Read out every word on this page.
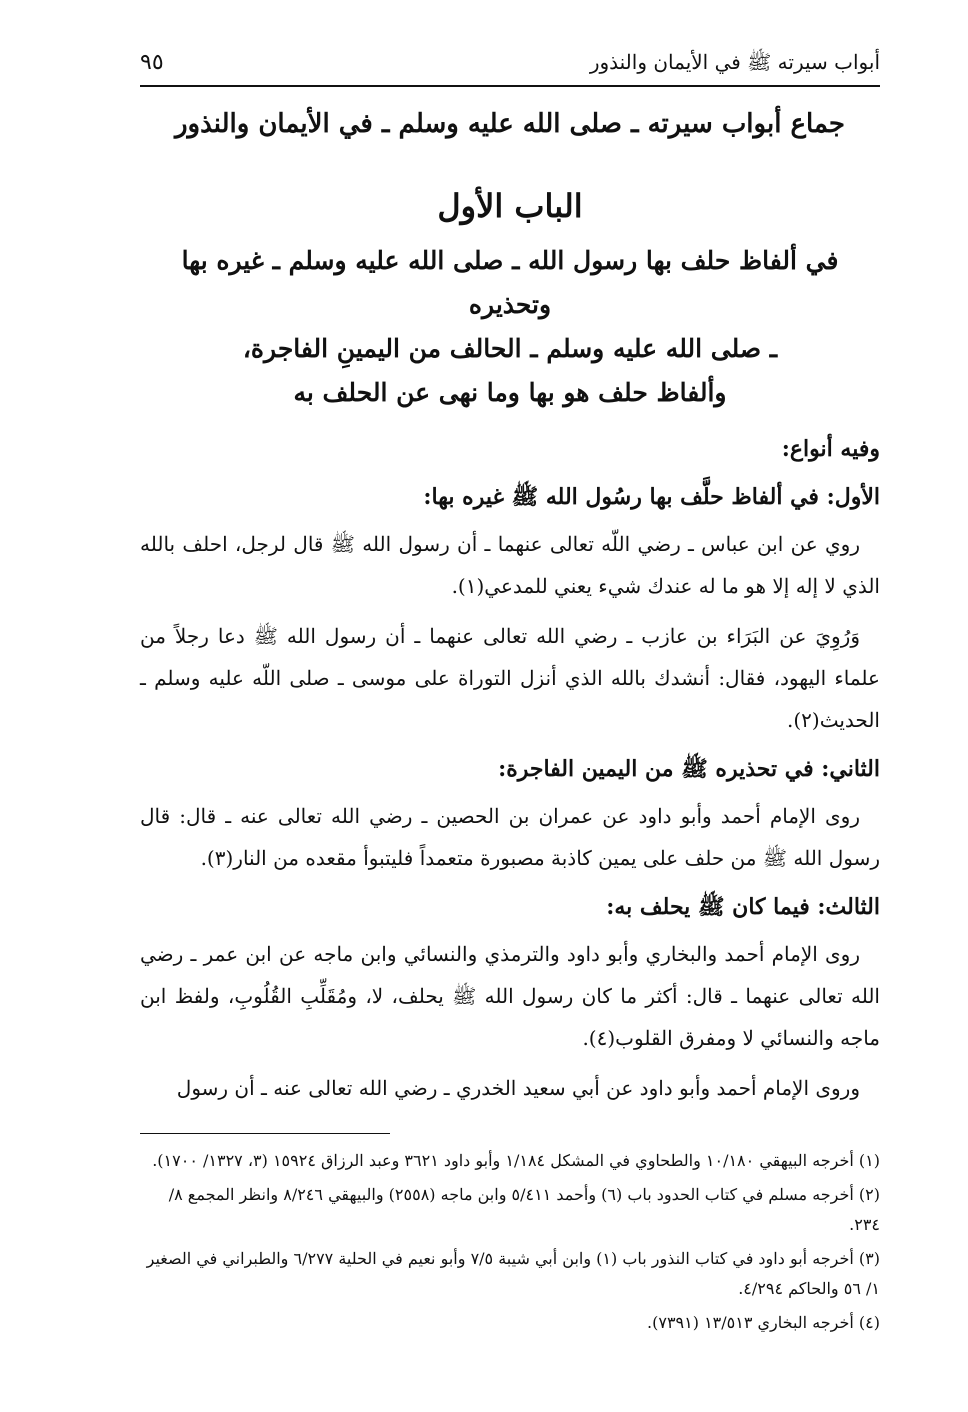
أبواب سيرته ﷺ في الأيمان والنذور
٩٥
جماع أبواب سيرته ـ صلى الله عليه وسلم ـ في الأيمان والنذور
الباب الأول
في ألفاظ حلف بها رسول الله ـ صلى الله عليه وسلم ـ غيره بها وتحذيره
ـ صلى الله عليه وسلم ـ الحالف من اليمينِ الفاجرة،
وألفاظ حلف هو بها وما نهى عن الحلف به
وفيه أنواع:
الأول: في ألفاظ حلَّف بها رسُول الله ﷺ غيره بها:

روي عن ابن عباس ـ رضي اللّه تعالى عنهما ـ أن رسول الله ﷺ قال لرجل، احلف بالله الذي لا إله إلا هو ما له عندك شيء يعني للمدعي(١).

وَرُوِيَ عن البَرَاء بن عازب ـ رضي الله تعالى عنهما ـ أن رسول الله ﷺ دعا رجلاً من علماء اليهود، فقال: أنشدك بالله الذي أنزل التوراة على موسى ـ صلى اللّه عليه وسلم ـ الحديث(٢).

الثاني: في تحذيره ﷺ من اليمين الفاجرة:

روى الإمام أحمد وأبو داود عن عمران بن الحصين ـ رضي الله تعالى عنه ـ قال: قال رسول الله ﷺ من حلف على يمين كاذبة مصبورة متعمداً فليتبوأ مقعده من النار(٣).

الثالث: فيما كان ﷺ يحلف به:

روى الإمام أحمد والبخاري وأبو داود والترمذي والنسائي وابن ماجه عن ابن عمر ـ رضي الله تعالى عنهما ـ قال: أكثر ما كان رسول الله ﷺ يحلف، لا، ومُقَلِّبِ القُلُوبِ، ولفظ ابن ماجه والنسائي لا ومفرق القلوب(٤).

وروى الإمام أحمد وأبو داود عن أبي سعيد الخدري ـ رضي الله تعالى عنه ـ أن رسول

(١) أخرجه البيهقي ١٠/١٨٠ والطحاوي في المشكل ١/١٨٤ وأبو داود ٣٦٢١ وعبد الرزاق ١٥٩٢٤ (٣، ١٣٢٧/ ١٧٠٠).
(٢) أخرجه مسلم في كتاب الحدود باب (٦) وأحمد ٥/٤١١ وابن ماجه (٢٥٥٨) والبيهقي ٨/٢٤٦ وانظر المجمع ٨/ ٢٣٤.
(٣) أخرجه أبو داود في كتاب النذور باب (١) وابن أبي شيبة ٧/٥ وأبو نعيم في الحلية ٦/٢٧٧ والطبراني في الصغير ١/ ٥٦ والحاكم ٤/٢٩٤.
(٤) أخرجه البخاري ١٣/٥١٣ (٧٣٩١).
